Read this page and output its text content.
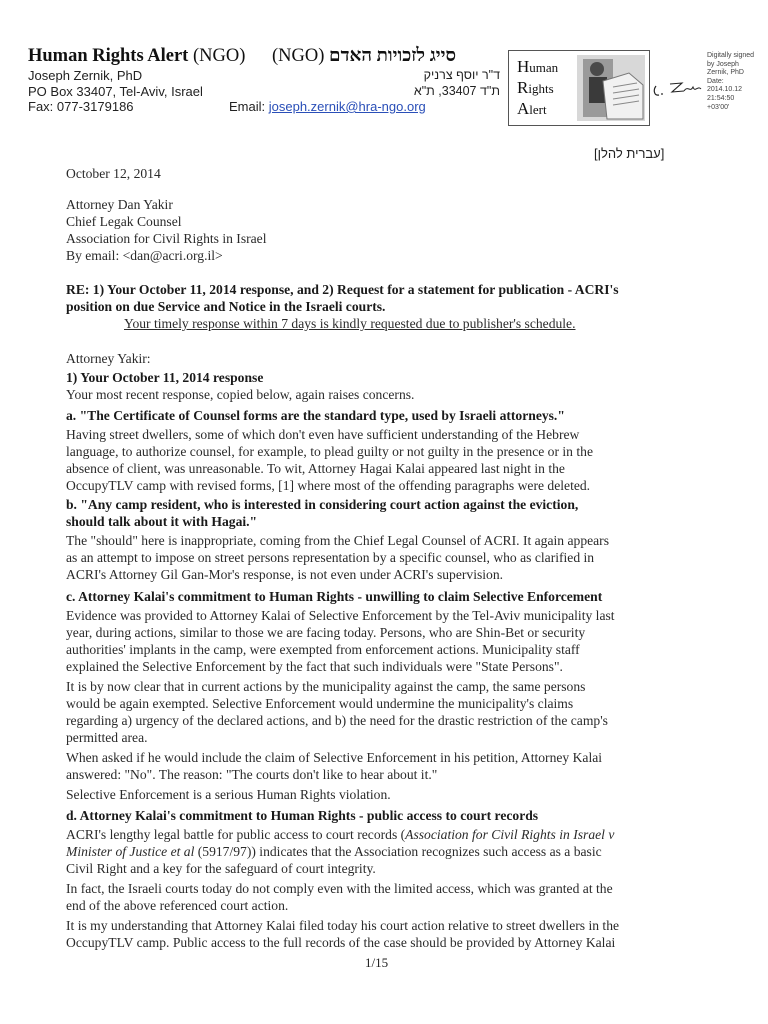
Human Rights Alert (NGO) (NGO) סייג לזכויות האדם
Joseph Zernik, PhD	ד"ר יוסף צרניק
PO Box 33407, Tel-Aviv, Israel	ת"ד 33407, ת"א
Fax: 077-3179186	Email: joseph.zernik@hra-ngo.org
Human
Rights
Alert
Digitally signed
by Joseph
Zernik, PhD
Date:
2014.10.12
21:54:50
+03'00'
[עברית להלן]
October 12, 2014
Attorney Dan Yakir
Chief Legak Counsel
Association for Civil Rights in Israel
By email: <dan@acri.org.il>
RE: 1) Your October 11, 2014 response, and 2) Request for a statement for publication - ACRI's
position on due Service and Notice in the Israeli courts.
Your timely response within 7 days is kindly requested due to publisher's schedule.
Attorney Yakir:
1) Your October 11, 2014 response
Your most recent response, copied below, again raises concerns.
a. "The Certificate of Counsel forms are the standard type, used by Israeli attorneys."
Having street dwellers, some of which don't even have sufficient understanding of the Hebrew
language, to authorize counsel, for example, to plead guilty or not guilty in the presence or in the
absence of client, was unreasonable. To wit, Attorney Hagai Kalai appeared last night in the
OccupyTLV camp with revised forms, [1] where most of the offending paragraphs were deleted.
b. "Any camp resident, who is interested in considering court action against the eviction,
should talk about it with Hagai."
The "should" here is inappropriate, coming from the Chief Legal Counsel of ACRI. It again appears
as an attempt to impose on street persons representation by a specific counsel, who as clarified in
ACRI's Attorney Gil Gan-Mor's response, is not even under ACRI's supervision.
c. Attorney Kalai's commitment to Human Rights - unwilling to claim Selective Enforcement
Evidence was provided to Attorney Kalai of Selective Enforcement by the Tel-Aviv municipality last
year, during actions, similar to those we are facing today. Persons, who are Shin-Bet or security
authorities' implants in the camp, were exempted from enforcement actions. Municipality staff
explained the Selective Enforcement by the fact that such individuals were "State Persons".
It is by now clear that in current actions by the municipality against the camp, the same persons
would be again exempted. Selective Enforcement would undermine the municipality's claims
regarding a) urgency of the declared actions, and b) the need for the drastic restriction of the camp's
permitted area.
When asked if he would include the claim of Selective Enforcement in his petition, Attorney Kalai
answered: "No". The reason: "The courts don't like to hear about it."
Selective Enforcement is a serious Human Rights violation.
d. Attorney Kalai's commitment to Human Rights - public access to court records
ACRI's lengthy legal battle for public access to court records (Association for Civil Rights in Israel v
Minister of Justice et al (5917/97)) indicates that the Association recognizes such access as a basic
Civil Right and a key for the safeguard of court integrity.
In fact, the Israeli courts today do not comply even with the limited access, which was granted at the
end of the above referenced court action.
It is my understanding that Attorney Kalai filed today his court action relative to street dwellers in the
OccupyTLV camp. Public access to the full records of the case should be provided by Attorney Kalai
1/15
